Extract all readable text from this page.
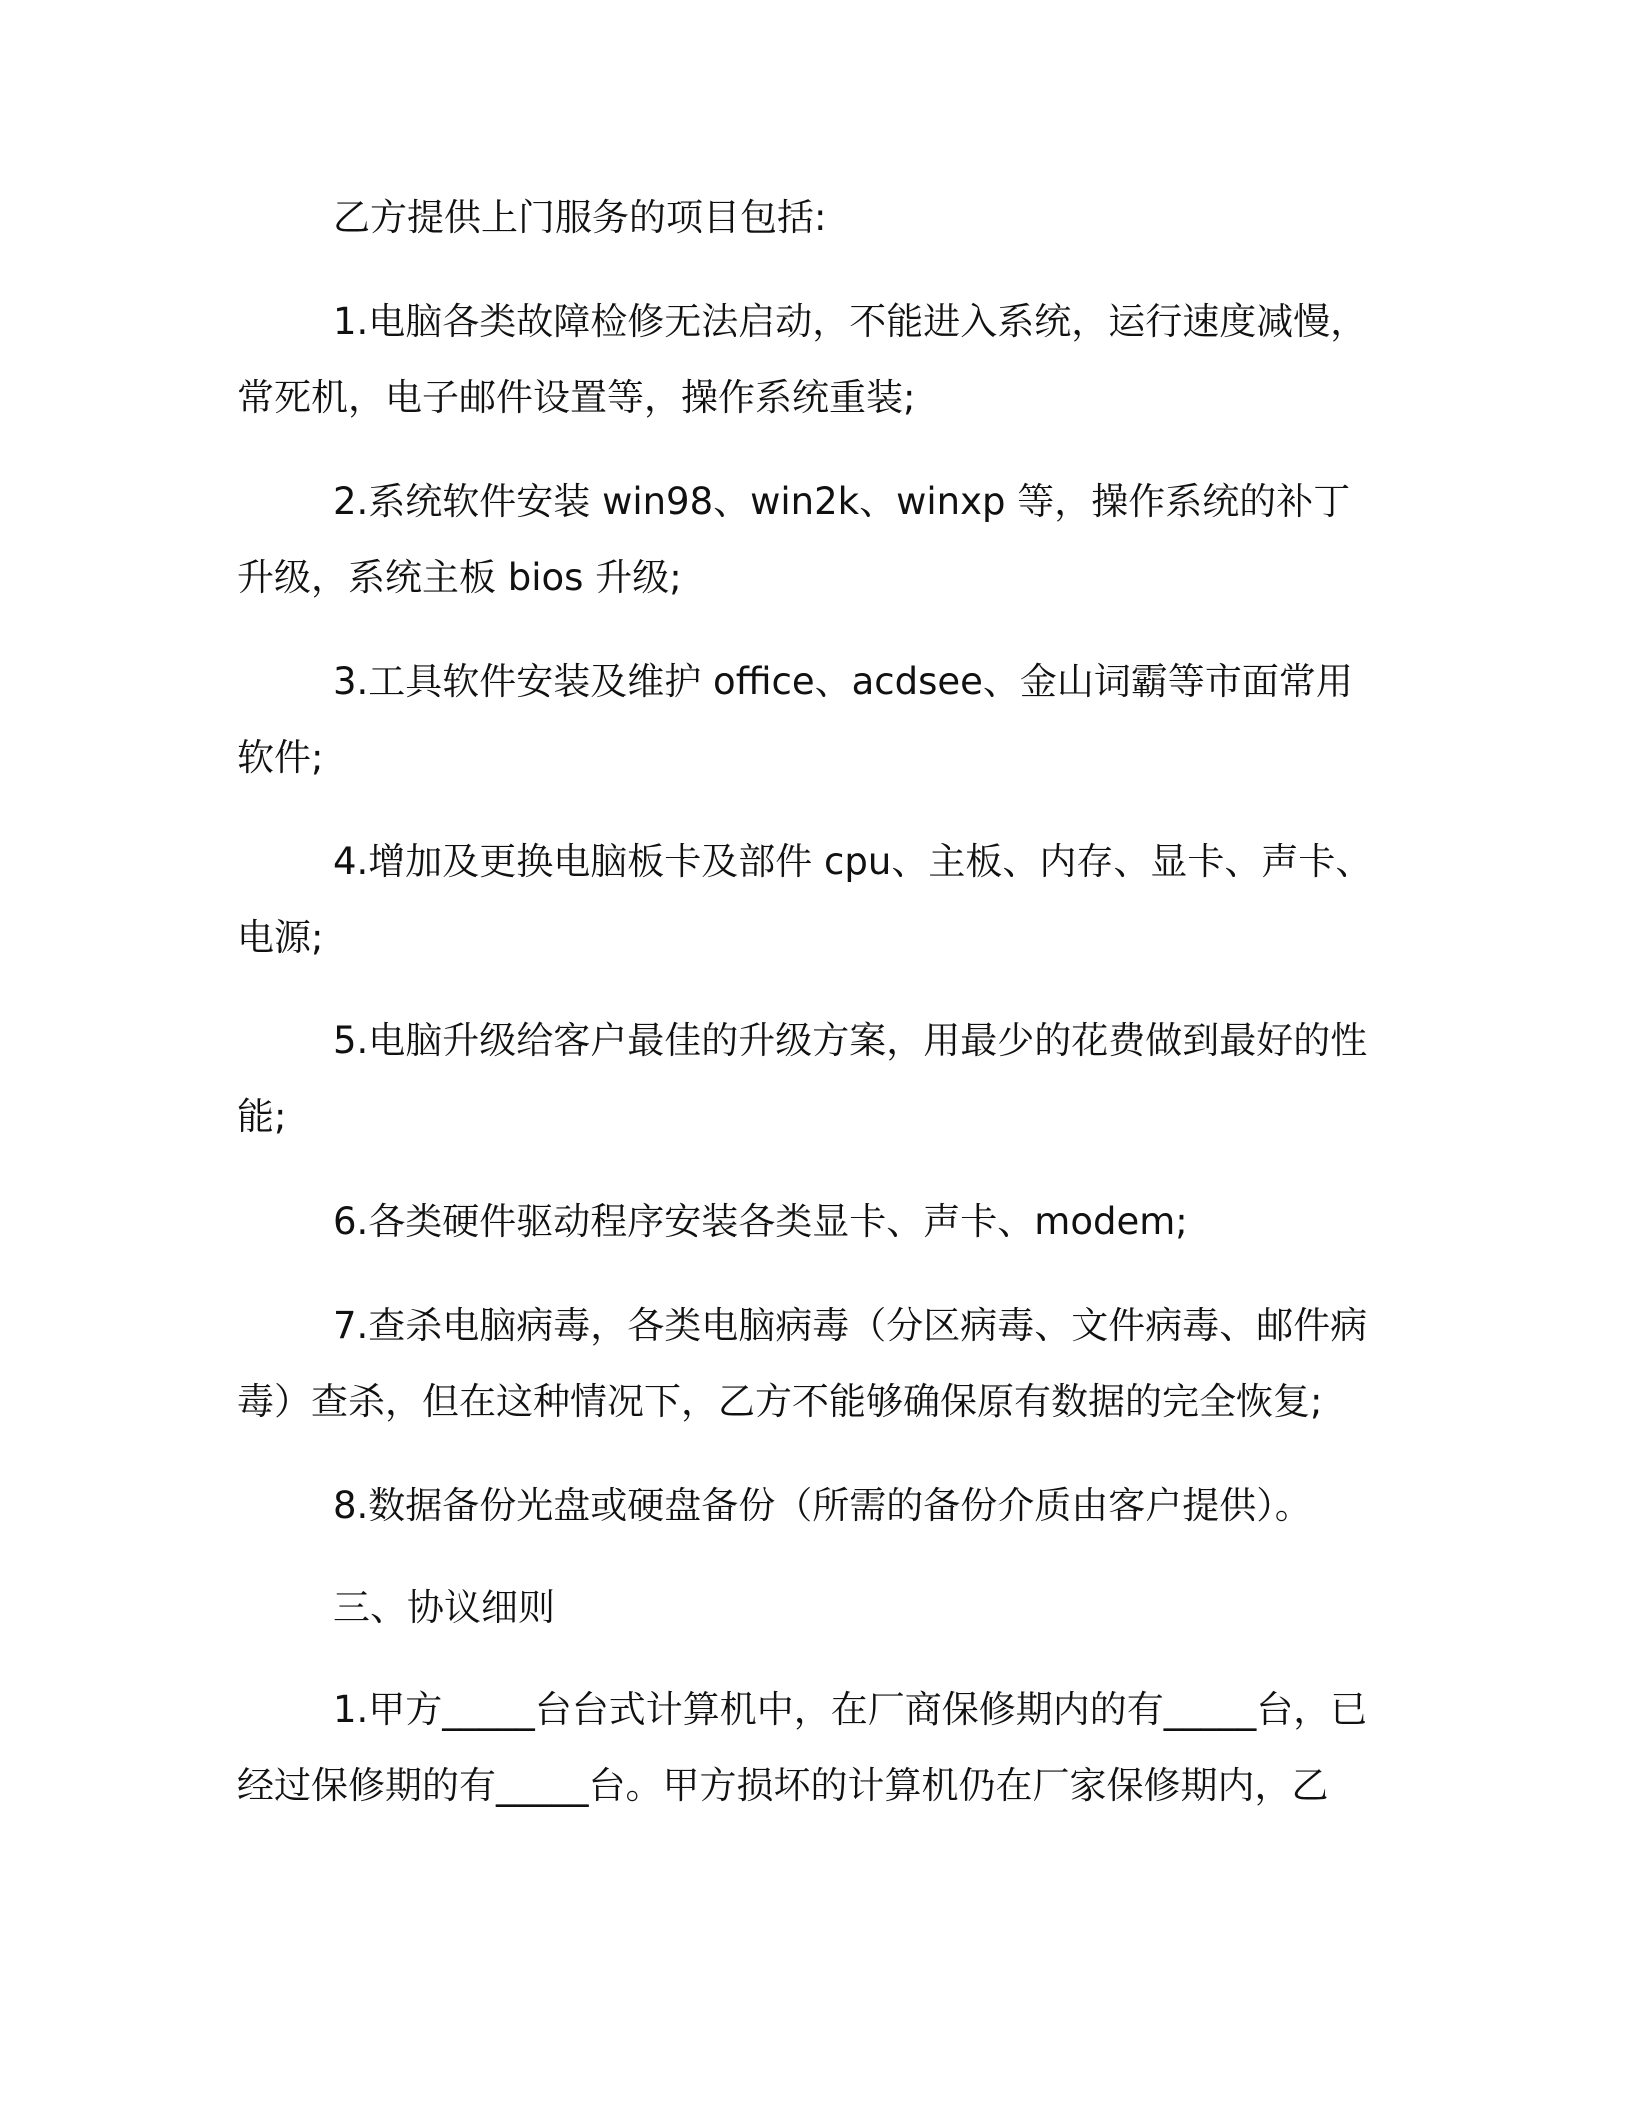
乙方提供上门服务的项目包括:

1.电脑各类故障检修无法启动，不能进入系统，运行速度减慢，常死机，电子邮件设置等，操作系统重装;

2.系统软件安装 win98、win2k、winxp 等，操作系统的补丁升级，系统主板 bios 升级;

3.工具软件安装及维护 office、acdsee、金山词霸等市面常用软件;

4.增加及更换电脑板卡及部件 cpu、主板、内存、显卡、声卡、电源;

5.电脑升级给客户最佳的升级方案，用最少的花费做到最好的性能;

6.各类硬件驱动程序安装各类显卡、声卡、modem;

7.查杀电脑病毒，各类电脑病毒（分区病毒、文件病毒、邮件病毒）查杀，但在这种情况下，乙方不能够确保原有数据的完全恢复;

8.数据备份光盘或硬盘备份（所需的备份介质由客户提供）。

三、协议细则

1.甲方_____台台式计算机中，在厂商保修期内的有_____台，已经过保修期的有_____台。甲方损坏的计算机仍在厂家保修期内，乙
